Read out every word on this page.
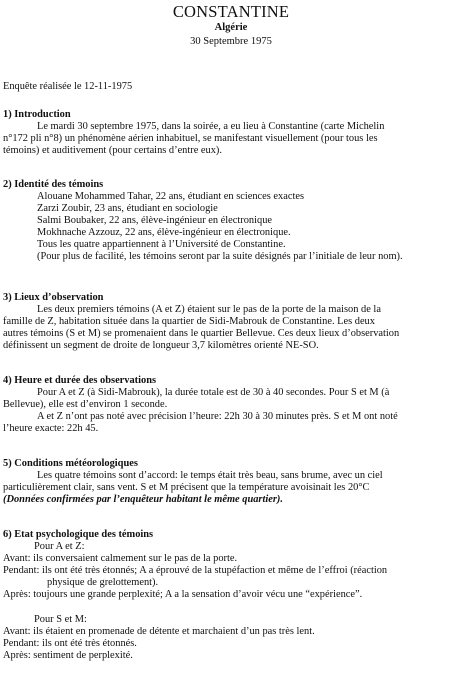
CONSTANTINE
Algérie
30 Septembre 1975
Enquête réalisée le 12-11-1975

1) Introduction

Le mardi 30 septembre 1975, dans la soirée, a eu lieu à Constantine (carte Michelin

n°172 pli n°8) un phénomène aérien inhabituel, se manifestant visuellement (pour tous les

témoins) et auditivement (pour certains d’entre eux).

2) Identité des témoins

Alouane Mohammed Tahar, 22 ans, étudiant en sciences exactes

Zarzi Zoubir, 23 ans, étudiant en sociologie

Salmi Boubaker, 22 ans, élève-ingénieur en électronique

Mokhnache Azzouz, 22 ans, élève-ingénieur en électronique.

Tous les quatre appartiennent à l’Université de Constantine.

(Pour plus de facilité, les témoins seront par la suite désignés par l’initiale de leur nom).

3) Lieux d’observation

Les deux premiers témoins (A et Z) étaient sur le pas de la porte de la maison de la

famille de Z, habitation située dans la quartier de Sidi-Mabrouk de Constantine. Les deux

autres témoins (S et M) se promenaient dans le quartier Bellevue. Ces deux lieux d’observation

définissent un segment de droite de longueur 3,7 kilomètres orienté NE-SO.

4) Heure et durée des observations

Pour A et Z (à Sidi-Mabrouk), la durée totale est de 30 à 40 secondes. Pour S et M (à

Bellevue), elle est d’environ 1 seconde.

A et Z n’ont pas noté avec précision l’heure: 22h 30 à 30 minutes près. S et M ont noté

l’heure exacte: 22h 45.

5) Conditions météorologiques

Les quatre témoins sont d’accord: le temps était très beau, sans brume, avec un ciel

particulièrement clair, sans vent. S et M précisent que la température avoisinait les 20°C

(Données confirmées par l’enquêteur habitant le même quartier).

6) Etat psychologique des témoins

Pour A et Z:

Avant: ils conversaient calmement sur le pas de la porte.

Pendant: ils ont été très étonnés; A a éprouvé de la stupéfaction et même de l’effroi (réaction

physique de grelottement).

Après: toujours une grande perplexité; A a la sensation d’avoir vécu une “expérience”.

Pour S et M:

Avant: ils étaient en promenade de détente et marchaient d’un pas très lent.

Pendant: ils ont été très étonnés.

Après: sentiment de perplexité.
